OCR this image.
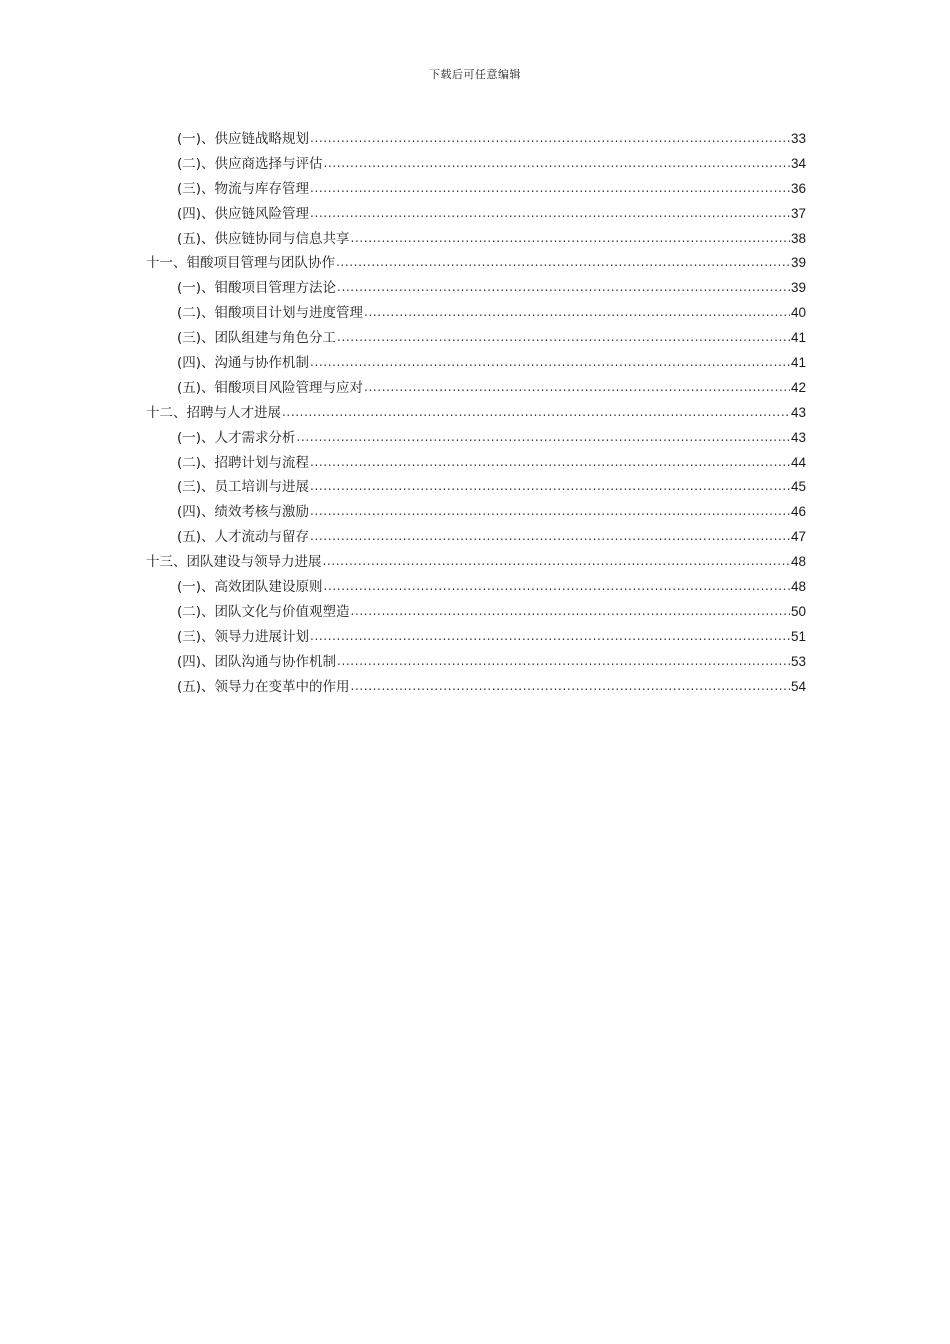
下载后可任意编辑
(一)、供应链战略规划 .....	33
(二)、供应商选择与评估 .....	34
(三)、物流与库存管理 .....	36
(四)、供应链风险管理 .....	37
(五)、供应链协同与信息共享 .....	38
十一、钼酸项目管理与团队协作 .....	39
(一)、钼酸项目管理方法论 .....	39
(二)、钼酸项目计划与进度管理 .....	40
(三)、团队组建与角色分工 .....	41
(四)、沟通与协作机制 .....	41
(五)、钼酸项目风险管理与应对 .....	42
十二、招聘与人才进展 .....	43
(一)、人才需求分析 .....	43
(二)、招聘计划与流程 .....	44
(三)、员工培训与进展 .....	45
(四)、绩效考核与激励 .....	46
(五)、人才流动与留存 .....	47
十三、团队建设与领导力进展 .....	48
(一)、高效团队建设原则 .....	48
(二)、团队文化与价值观塑造 .....	50
(三)、领导力进展计划 .....	51
(四)、团队沟通与协作机制 .....	53
(五)、领导力在变革中的作用 .....	54
